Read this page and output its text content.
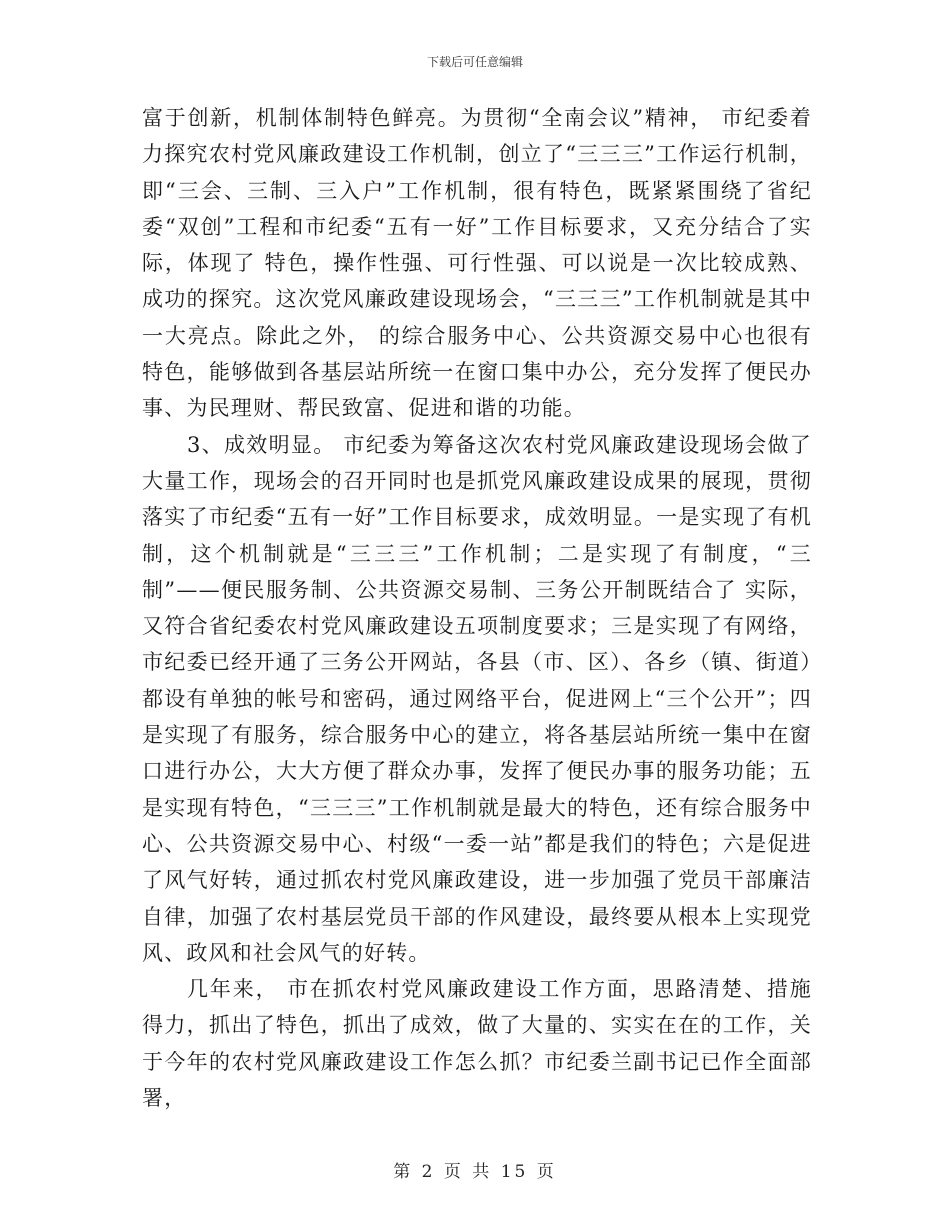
下载后可任意编辑

富于创新，机制体制特色鲜亮。为贯彻“全南会议”精神， 市纪委着力探究农村党风廉政建设工作机制，创立了“三三三”工作运行机制，即“三会、三制、三入户”工作机制，很有特色，既紧紧围绕了省纪委“双创”工程和市纪委“五有一好”工作目标要求，又充分结合了实际，体现了 特色，操作性强、可行性强、可以说是一次比较成熟、成功的探究。这次党风廉政建设现场会，“三三三”工作机制就是其中一大亮点。除此之外， 的综合服务中心、公共资源交易中心也很有特色，能够做到各基层站所统一在窗口集中办公，充分发挥了便民办事、为民理财、帮民致富、促进和谐的功能。

3、成效明显。 市纪委为筹备这次农村党风廉政建设现场会做了大量工作，现场会的召开同时也是抓党风廉政建设成果的展现，贯彻落实了市纪委“五有一好”工作目标要求，成效明显。一是实现了有机制，这个机制就是“三三三”工作机制；二是实现了有制度，“三制”——便民服务制、公共资源交易制、三务公开制既结合了 实际，又符合省纪委农村党风廉政建设五项制度要求；三是实现了有网络，市纪委已经开通了三务公开网站，各县（市、区）、各乡（镇、街道）都设有单独的帐号和密码，通过网络平台，促进网上“三个公开”；四是实现了有服务，综合服务中心的建立，将各基层站所统一集中在窗口进行办公，大大方便了群众办事，发挥了便民办事的服务功能；五是实现有特色，“三三三”工作机制就是最大的特色，还有综合服务中心、公共资源交易中心、村级“一委一站”都是我们的特色；六是促进了风气好转，通过抓农村党风廉政建设，进一步加强了党员干部廉洁自律，加强了农村基层党员干部的作风建设，最终要从根本上实现党风、政风和社会风气的好转。

几年来， 市在抓农村党风廉政建设工作方面，思路清楚、措施得力，抓出了特色，抓出了成效，做了大量的、实实在在的工作，关于今年的农村党风廉政建设工作怎么抓？市纪委兰副书记已作全面部署，

第 2 页 共 15 页
